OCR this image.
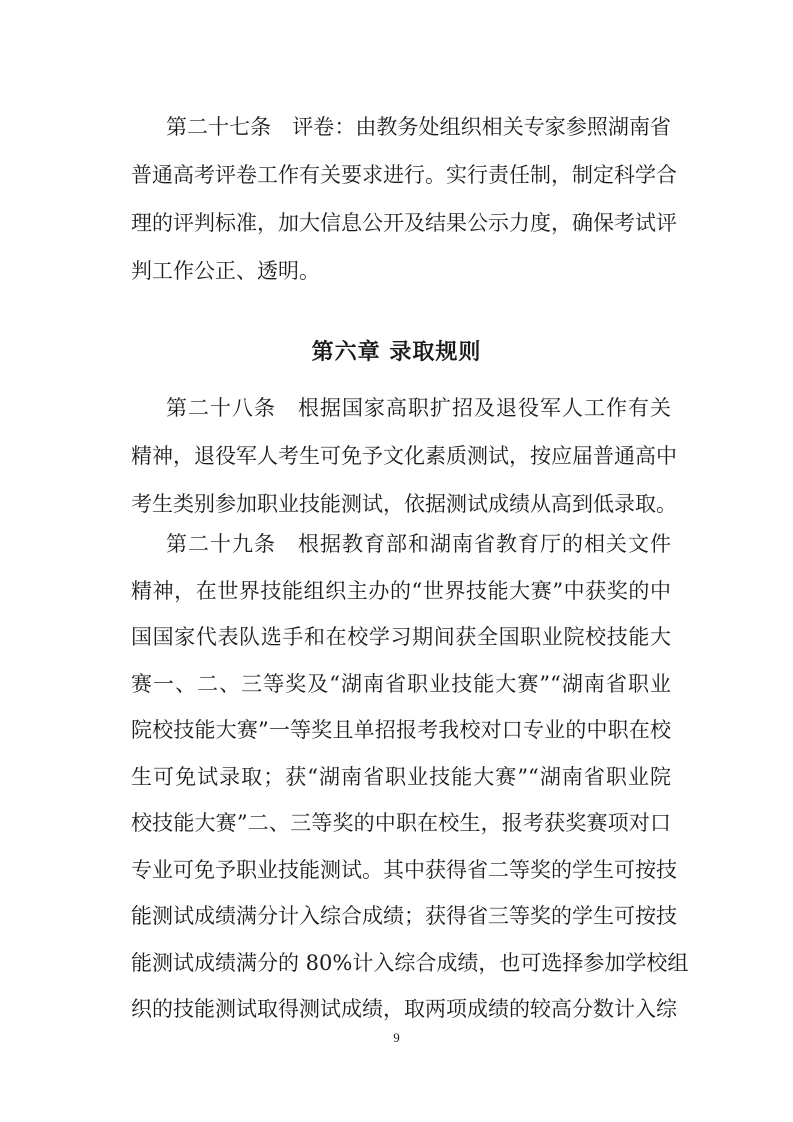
第二十七条　评卷：由教务处组织相关专家参照湖南省
普通高考评卷工作有关要求进行。实行责任制，制定科学合
理的评判标准，加大信息公开及结果公示力度，确保考试评
判工作公正、透明。
第六章 录取规则
第二十八条　根据国家高职扩招及退役军人工作有关
精神，退役军人考生可免予文化素质测试，按应届普通高中
考生类别参加职业技能测试，依据测试成绩从高到低录取。
第二十九条　根据教育部和湖南省教育厅的相关文件
精神，在世界技能组织主办的“世界技能大赛”中获奖的中
国国家代表队选手和在校学习期间获全国职业院校技能大
赛一、二、三等奖及“湖南省职业技能大赛”“湖南省职业
院校技能大赛”一等奖且单招报考我校对口专业的中职在校
生可免试录取；获“湖南省职业技能大赛”“湖南省职业院
校技能大赛”二、三等奖的中职在校生，报考获奖赛项对口
专业可免予职业技能测试。其中获得省二等奖的学生可按技
能测试成绩满分计入综合成绩；获得省三等奖的学生可按技
能测试成绩满分的 80%计入综合成绩，也可选择参加学校组
9
织的技能测试取得测试成绩，取两项成绩的较高分数计入综
